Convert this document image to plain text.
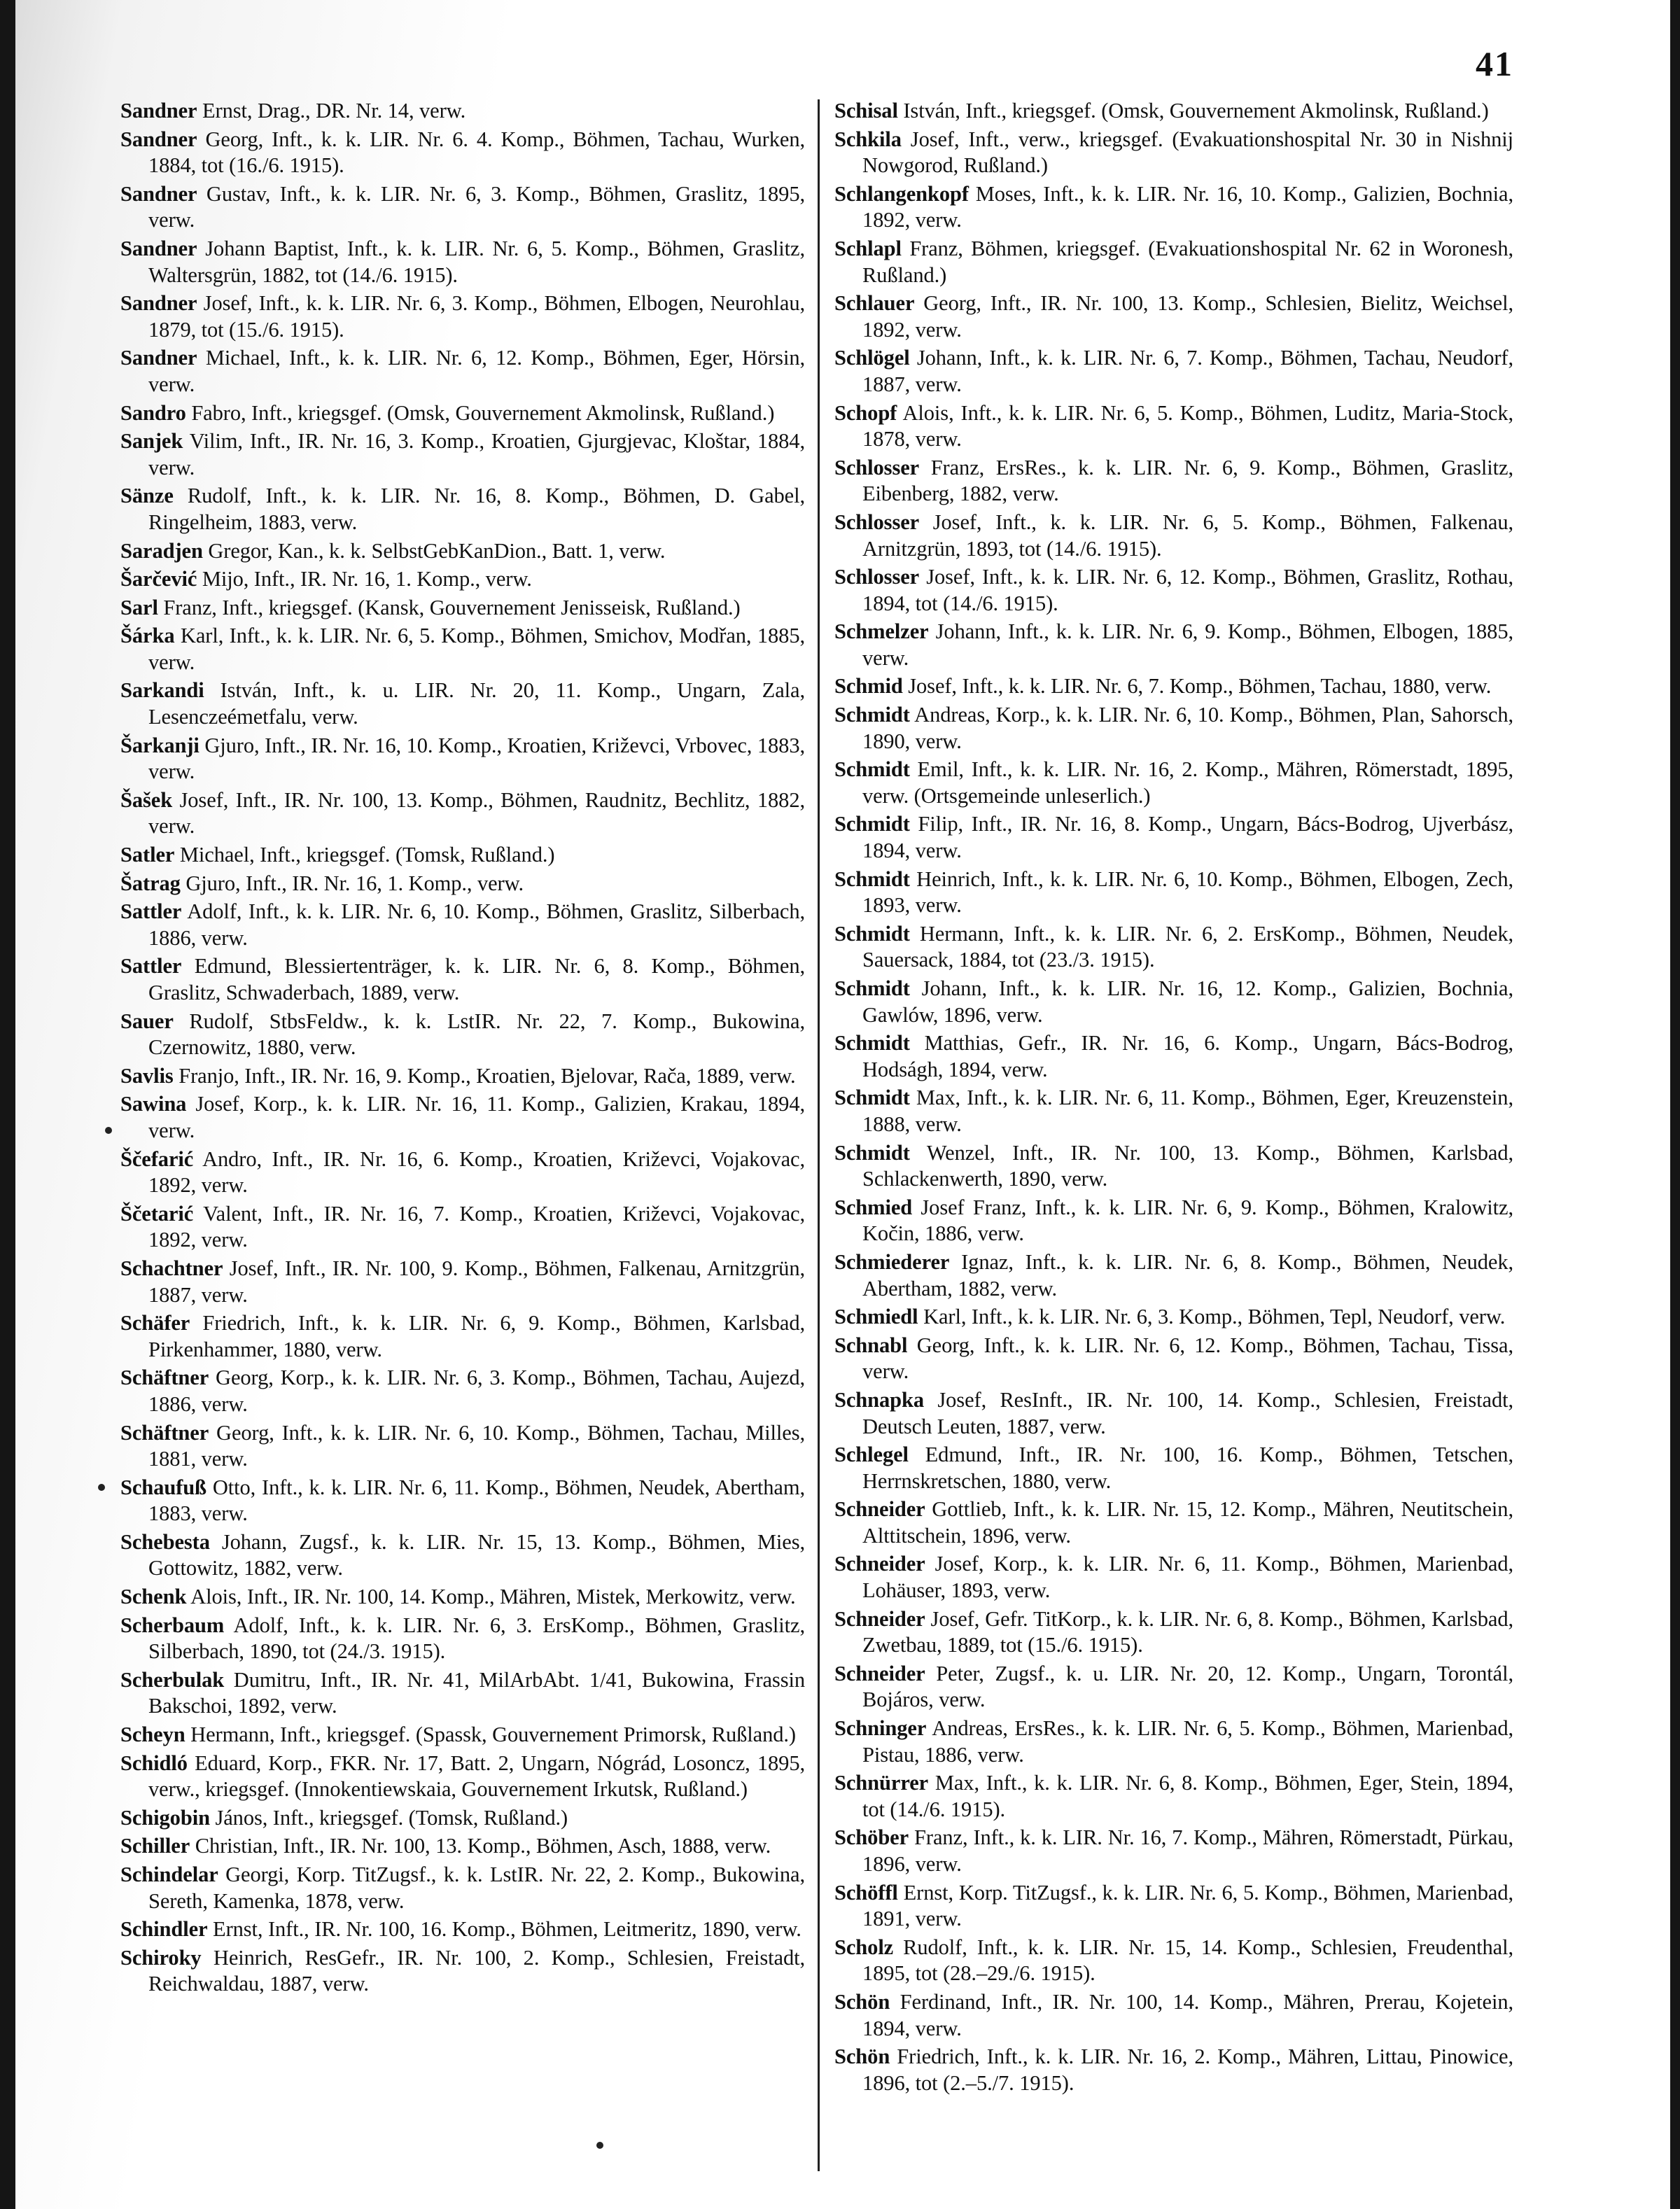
41

Sandner Ernst, Drag., DR. Nr. 14, verw.

Sandner Georg, Inft., k. k. LIR. Nr. 6. 4. Komp., Böhmen, Tachau, Wurken, 1884, tot (16./6. 1915).

Sandner Gustav, Inft., k. k. LIR. Nr. 6, 3. Komp., Böhmen, Graslitz, 1895, verw.

Sandner Johann Baptist, Inft., k. k. LIR. Nr. 6, 5. Komp., Böhmen, Graslitz, Waltersgrün, 1882, tot (14./6. 1915).

Sandner Josef, Inft., k. k. LIR. Nr. 6, 3. Komp., Böhmen, Elbogen, Neurohlau, 1879, tot (15./6. 1915).

Sandner Michael, Inft., k. k. LIR. Nr. 6, 12. Komp., Böhmen, Eger, Hörsin, verw.

Sandro Fabro, Inft., kriegsgef. (Omsk, Gouvernement Akmolinsk, Rußland.)

Sanjek Vilim, Inft., IR. Nr. 16, 3. Komp., Kroatien, Gjurgjevac, Kloštar, 1884, verw.

Sänze Rudolf, Inft., k. k. LIR. Nr. 16, 8. Komp., Böhmen, D. Gabel, Ringelheim, 1883, verw.

Saradjen Gregor, Kan., k. k. SelbstGebKanDion., Batt. 1, verw.

Šarčević Mijo, Inft., IR. Nr. 16, 1. Komp., verw.

Sarl Franz, Inft., kriegsgef. (Kansk, Gouvernement Jenisseisk, Rußland.)

Šárka Karl, Inft., k. k. LIR. Nr. 6, 5. Komp., Böhmen, Smichov, Modřan, 1885, verw.

Sarkandi István, Inft., k. u. LIR. Nr. 20, 11. Komp., Ungarn, Zala, Lesenczeémetfalu, verw.

Šarkanji Gjuro, Inft., IR. Nr. 16, 10. Komp., Kroatien, Križevci, Vrbovec, 1883, verw.

Šašek Josef, Inft., IR. Nr. 100, 13. Komp., Böhmen, Raudnitz, Bechlitz, 1882, verw.

Satler Michael, Inft., kriegsgef. (Tomsk, Rußland.)

Šatrag Gjuro, Inft., IR. Nr. 16, 1. Komp., verw.

Sattler Adolf, Inft., k. k. LIR. Nr. 6, 10. Komp., Böhmen, Graslitz, Silberbach, 1886, verw.

Sattler Edmund, Blessiertenträger, k. k. LIR. Nr. 6, 8. Komp., Böhmen, Graslitz, Schwaderbach, 1889, verw.

Sauer Rudolf, StbsFeldw., k. k. LstIR. Nr. 22, 7. Komp., Bukowina, Czernowitz, 1880, verw.

Savlis Franjo, Inft., IR. Nr. 16, 9. Komp., Kroatien, Bjelovar, Rača, 1889, verw.

Sawina Josef, Korp., k. k. LIR. Nr. 16, 11. Komp., Galizien, Krakau, 1894, verw.

Ščefarić Andro, Inft., IR. Nr. 16, 6. Komp., Kroatien, Križevci, Vojakovac, 1892, verw.

Ščetarić Valent, Inft., IR. Nr. 16, 7. Komp., Kroatien, Križevci, Vojakovac, 1892, verw.

Schachtner Josef, Inft., IR. Nr. 100, 9. Komp., Böhmen, Falkenau, Arnitzgrün, 1887, verw.

Schäfer Friedrich, Inft., k. k. LIR. Nr. 6, 9. Komp., Böhmen, Karlsbad, Pirkenhammer, 1880, verw.

Schäftner Georg, Korp., k. k. LIR. Nr. 6, 3. Komp., Böhmen, Tachau, Aujezd, 1886, verw.

Schäftner Georg, Inft., k. k. LIR. Nr. 6, 10. Komp., Böhmen, Tachau, Milles, 1881, verw.

Schaufuß Otto, Inft., k. k. LIR. Nr. 6, 11. Komp., Böhmen, Neudek, Abertham, 1883, verw.

Schebesta Johann, Zugsf., k. k. LIR. Nr. 15, 13. Komp., Böhmen, Mies, Gottowitz, 1882, verw.

Schenk Alois, Inft., IR. Nr. 100, 14. Komp., Mähren, Mistek, Merkowitz, verw.

Scherbaum Adolf, Inft., k. k. LIR. Nr. 6, 3. ErsKomp., Böhmen, Graslitz, Silberbach, 1890, tot (24./3. 1915).

Scherbulak Dumitru, Inft., IR. Nr. 41, MilArbAbt. 1/41, Bukowina, Frassin Bakschoi, 1892, verw.

Scheyn Hermann, Inft., kriegsgef. (Spassk, Gouvernement Primorsk, Rußland.)

Schidló Eduard, Korp., FKR. Nr. 17, Batt. 2, Ungarn, Nógrád, Losoncz, 1895, verw., kriegsgef. (Innokentiewskaia, Gouvernement Irkutsk, Rußland.)

Schigobin János, Inft., kriegsgef. (Tomsk, Rußland.)

Schiller Christian, Inft., IR. Nr. 100, 13. Komp., Böhmen, Asch, 1888, verw.

Schindelar Georgi, Korp. TitZugsf., k. k. LstIR. Nr. 22, 2. Komp., Bukowina, Sereth, Kamenka, 1878, verw.

Schindler Ernst, Inft., IR. Nr. 100, 16. Komp., Böhmen, Leitmeritz, 1890, verw.

Schiroky Heinrich, ResGefr., IR. Nr. 100, 2. Komp., Schlesien, Freistadt, Reichwaldau, 1887, verw.

Schisal István, Inft., kriegsgef. (Omsk, Gouvernement Akmolinsk, Rußland.)

Schkila Josef, Inft., verw., kriegsgef. (Evakuationshospital Nr. 30 in Nishnij Nowgorod, Rußland.)

Schlangenkopf Moses, Inft., k. k. LIR. Nr. 16, 10. Komp., Galizien, Bochnia, 1892, verw.

Schlapl Franz, Böhmen, kriegsgef. (Evakuationshospital Nr. 62 in Woronesh, Rußland.)

Schlauer Georg, Inft., IR. Nr. 100, 13. Komp., Schlesien, Bielitz, Weichsel, 1892, verw.

Schlögel Johann, Inft., k. k. LIR. Nr. 6, 7. Komp., Böhmen, Tachau, Neudorf, 1887, verw.

Schopf Alois, Inft., k. k. LIR. Nr. 6, 5. Komp., Böhmen, Luditz, Maria-Stock, 1878, verw.

Schlosser Franz, ErsRes., k. k. LIR. Nr. 6, 9. Komp., Böhmen, Graslitz, Eibenberg, 1882, verw.

Schlosser Josef, Inft., k. k. LIR. Nr. 6, 5. Komp., Böhmen, Falkenau, Arnitzgrün, 1893, tot (14./6. 1915).

Schlosser Josef, Inft., k. k. LIR. Nr. 6, 12. Komp., Böhmen, Graslitz, Rothau, 1894, tot (14./6. 1915).

Schmelzer Johann, Inft., k. k. LIR. Nr. 6, 9. Komp., Böhmen, Elbogen, 1885, verw.

Schmid Josef, Inft., k. k. LIR. Nr. 6, 7. Komp., Böhmen, Tachau, 1880, verw.

Schmidt Andreas, Korp., k. k. LIR. Nr. 6, 10. Komp., Böhmen, Plan, Sahorsch, 1890, verw.

Schmidt Emil, Inft., k. k. LIR. Nr. 16, 2. Komp., Mähren, Römerstadt, 1895, verw. (Ortsgemeinde unleserlich.)

Schmidt Filip, Inft., IR. Nr. 16, 8. Komp., Ungarn, Bács-Bodrog, Ujverbász, 1894, verw.

Schmidt Heinrich, Inft., k. k. LIR. Nr. 6, 10. Komp., Böhmen, Elbogen, Zech, 1893, verw.

Schmidt Hermann, Inft., k. k. LIR. Nr. 6, 2. ErsKomp., Böhmen, Neudek, Sauersack, 1884, tot (23./3. 1915).

Schmidt Johann, Inft., k. k. LIR. Nr. 16, 12. Komp., Galizien, Bochnia, Gawlów, 1896, verw.

Schmidt Matthias, Gefr., IR. Nr. 16, 6. Komp., Ungarn, Bács-Bodrog, Hodságh, 1894, verw.

Schmidt Max, Inft., k. k. LIR. Nr. 6, 11. Komp., Böhmen, Eger, Kreuzenstein, 1888, verw.

Schmidt Wenzel, Inft., IR. Nr. 100, 13. Komp., Böhmen, Karlsbad, Schlackenwerth, 1890, verw.

Schmied Josef Franz, Inft., k. k. LIR. Nr. 6, 9. Komp., Böhmen, Kralowitz, Kočin, 1886, verw.

Schmiederer Ignaz, Inft., k. k. LIR. Nr. 6, 8. Komp., Böhmen, Neudek, Abertham, 1882, verw.

Schmiedl Karl, Inft., k. k. LIR. Nr. 6, 3. Komp., Böhmen, Tepl, Neudorf, verw.

Schnabl Georg, Inft., k. k. LIR. Nr. 6, 12. Komp., Böhmen, Tachau, Tissa, verw.

Schnapka Josef, ResInft., IR. Nr. 100, 14. Komp., Schlesien, Freistadt, Deutsch Leuten, 1887, verw.

Schlegel Edmund, Inft., IR. Nr. 100, 16. Komp., Böhmen, Tetschen, Herrnskretschen, 1880, verw.

Schneider Gottlieb, Inft., k. k. LIR. Nr. 15, 12. Komp., Mähren, Neutitschein, Alttitschein, 1896, verw.

Schneider Josef, Korp., k. k. LIR. Nr. 6, 11. Komp., Böhmen, Marienbad, Lohäuser, 1893, verw.

Schneider Josef, Gefr. TitKorp., k. k. LIR. Nr. 6, 8. Komp., Böhmen, Karlsbad, Zwetbau, 1889, tot (15./6. 1915).

Schneider Peter, Zugsf., k. u. LIR. Nr. 20, 12. Komp., Ungarn, Torontál, Bojáros, verw.

Schninger Andreas, ErsRes., k. k. LIR. Nr. 6, 5. Komp., Böhmen, Marienbad, Pistau, 1886, verw.

Schnürrer Max, Inft., k. k. LIR. Nr. 6, 8. Komp., Böhmen, Eger, Stein, 1894, tot (14./6. 1915).

Schöber Franz, Inft., k. k. LIR. Nr. 16, 7. Komp., Mähren, Römerstadt, Pürkau, 1896, verw.

Schöffl Ernst, Korp. TitZugsf., k. k. LIR. Nr. 6, 5. Komp., Böhmen, Marienbad, 1891, verw.

Scholz Rudolf, Inft., k. k. LIR. Nr. 15, 14. Komp., Schlesien, Freudenthal, 1895, tot (28.–29./6. 1915).

Schön Ferdinand, Inft., IR. Nr. 100, 14. Komp., Mähren, Prerau, Kojetein, 1894, verw.

Schön Friedrich, Inft., k. k. LIR. Nr. 16, 2. Komp., Mähren, Littau, Pinowice, 1896, tot (2.–5./7. 1915).
